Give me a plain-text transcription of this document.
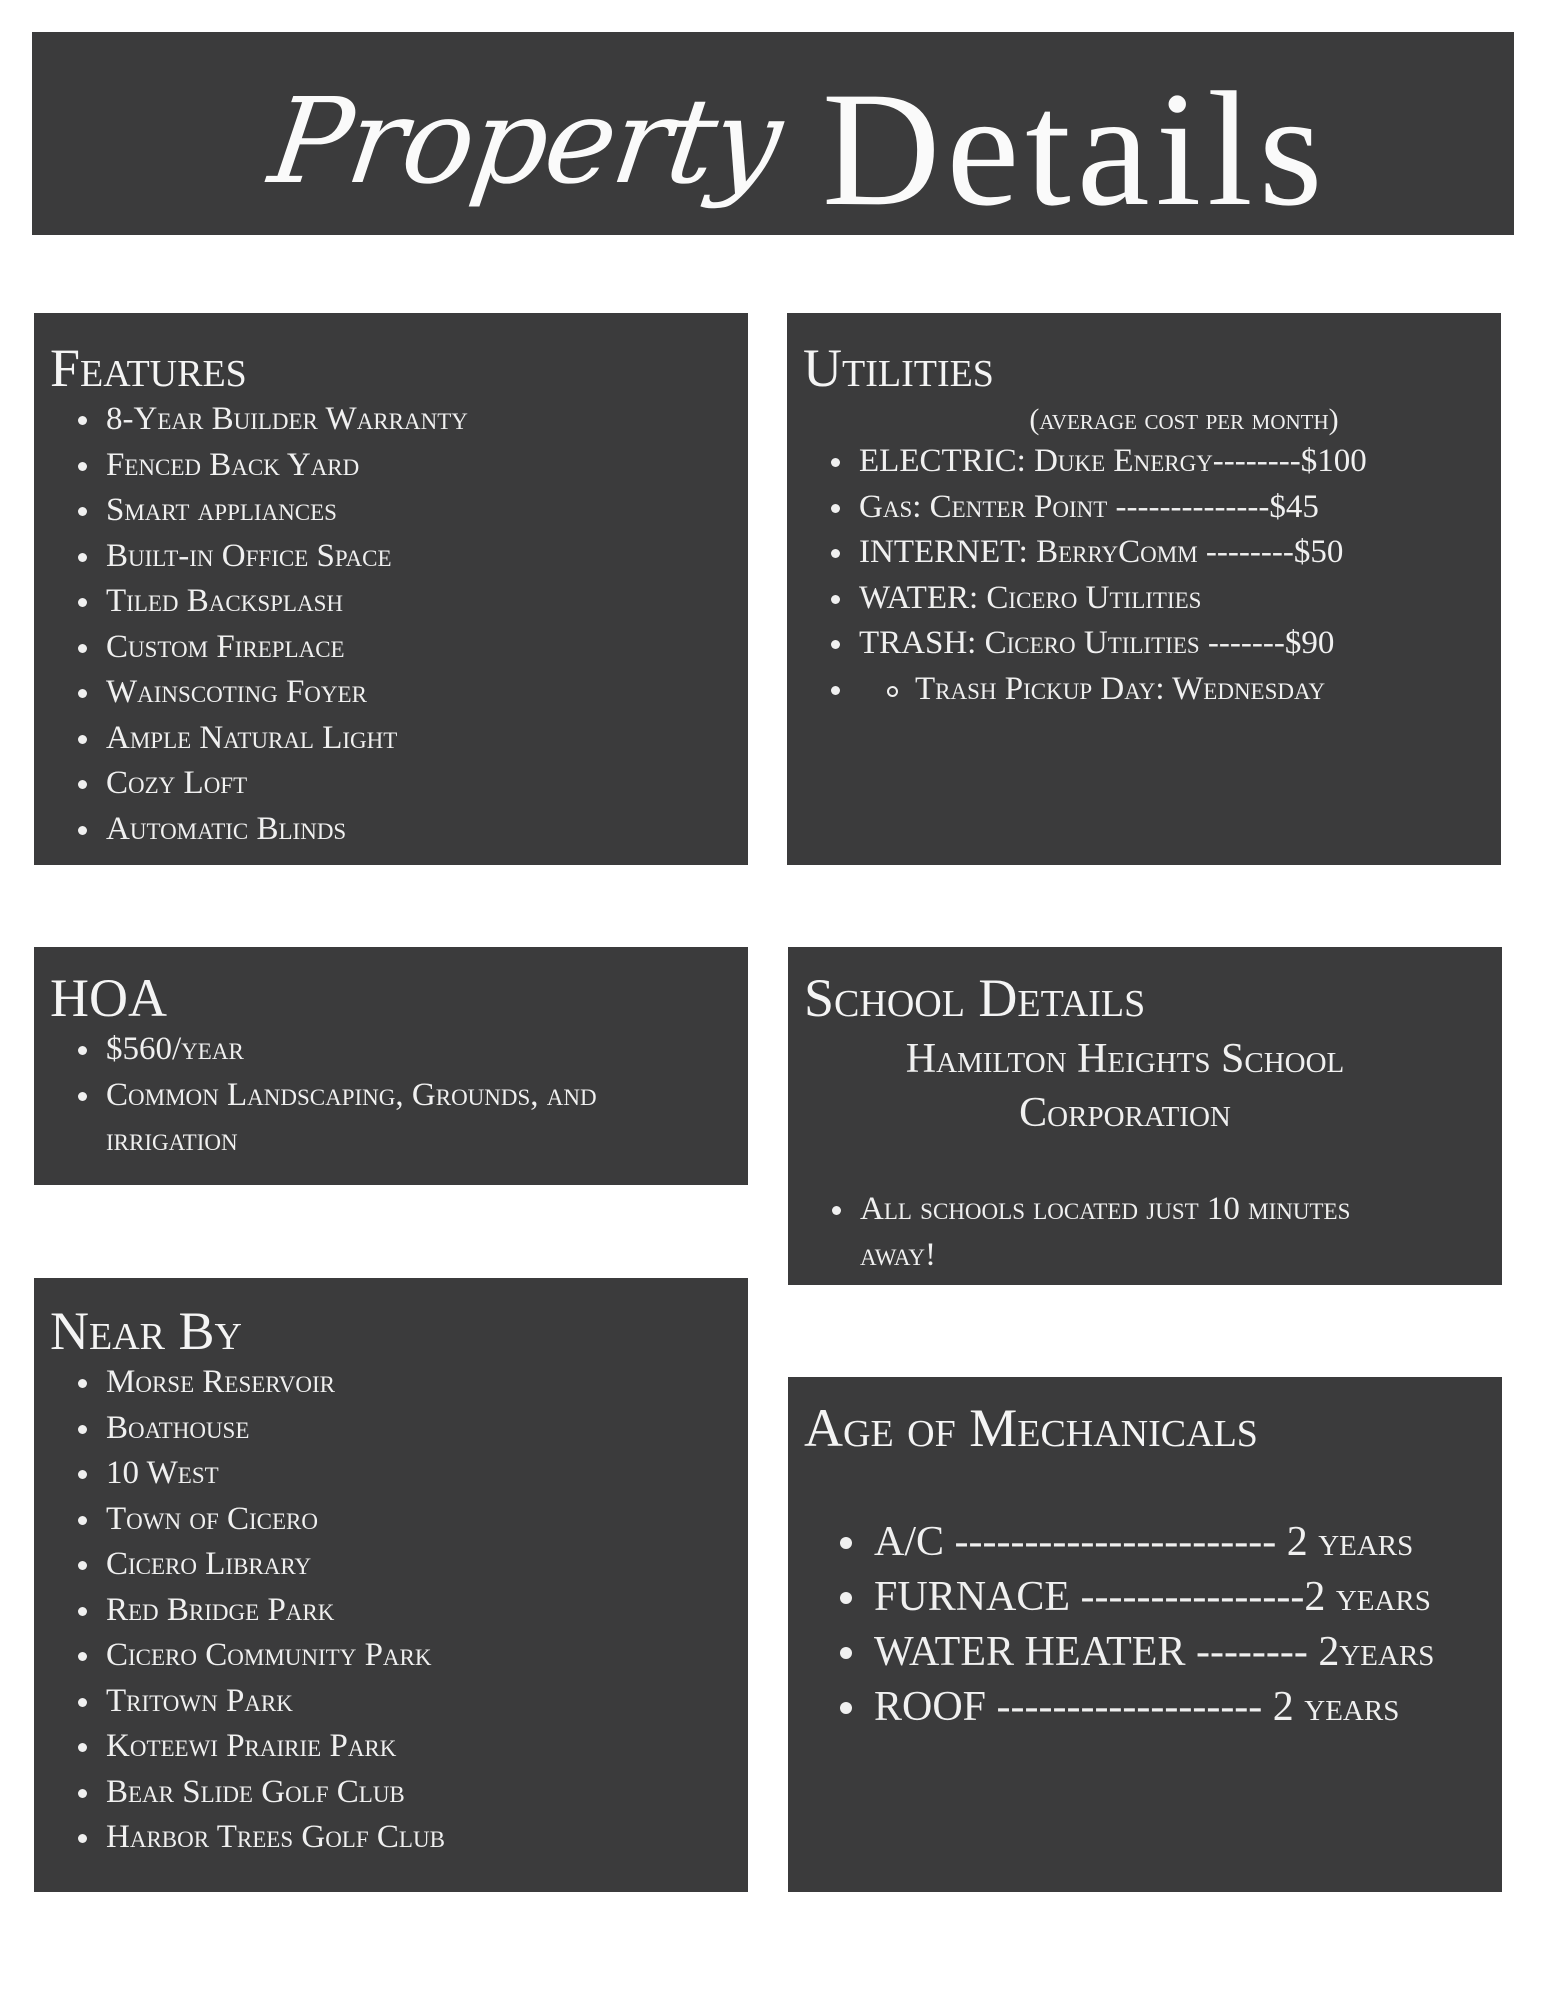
Property Details
Features
8-Year Builder Warranty
Fenced Back Yard
Smart appliances
Built-in Office Space
Tiled Backsplash
Custom Fireplace
Wainscoting Foyer
Ample Natural Light
Cozy Loft
Automatic Blinds
Utilities
(average cost per month)
ELECTRIC: Duke Energy--------$100
Gas: Center Point --------------$45
INTERNET: BerryComm --------$50
WATER: Cicero Utilities
TRASH: Cicero Utilities -------$90
Trash Pickup Day: Wednesday
HOA
$560/year
Common Landscaping, Grounds, and irrigation
School Details
Hamilton Heights School
Corporation
All schools located just 10 minutes away!
Near By
Morse Reservoir
Boathouse
10 West
Town of Cicero
Cicero Library
Red Bridge Park
Cicero Community Park
Tritown Park
Koteewi Prairie Park
Bear Slide Golf Club
Harbor Trees Golf Club
Age of Mechanicals
A/C ----------------------- 2 years
FURNACE ----------------2 years
WATER HEATER -------- 2years
ROOF ------------------- 2 years
